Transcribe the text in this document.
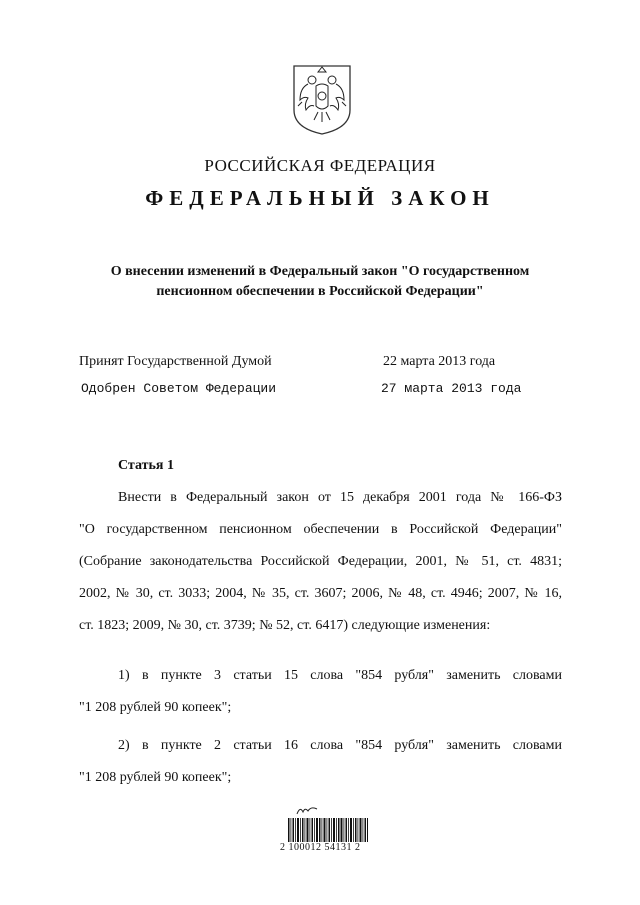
РОССИЙСКАЯ ФЕДЕРАЦИЯ
ФЕДЕРАЛЬНЫЙ ЗАКОН
О внесении изменений в Федеральный закон "О государственном
пенсионном обеспечении в Российской Федерации"
Принят Государственной Думой	22 марта 2013 года
Одобрен Советом Федерации	27 марта 2013 года
Статья 1

Внести в Федеральный закон от 15 декабря 2001 года № 166-ФЗ

"О государственном пенсионном обеспечении в Российской Федерации"

(Собрание законодательства Российской Федерации, 2001, № 51, ст. 4831;

2002, № 30, ст. 3033; 2004, № 35, ст. 3607; 2006, № 48, ст. 4946; 2007, № 16,

ст. 1823; 2009, № 30, ст. 3739; № 52, ст. 6417) следующие изменения:

1) в пункте 3 статьи 15 слова "854 рубля" заменить словами

"1 208 рублей 90 копеек";

2) в пункте 2 статьи 16 слова "854 рубля" заменить словами

"1 208 рублей 90 копеек";

2 100012 54131 2
